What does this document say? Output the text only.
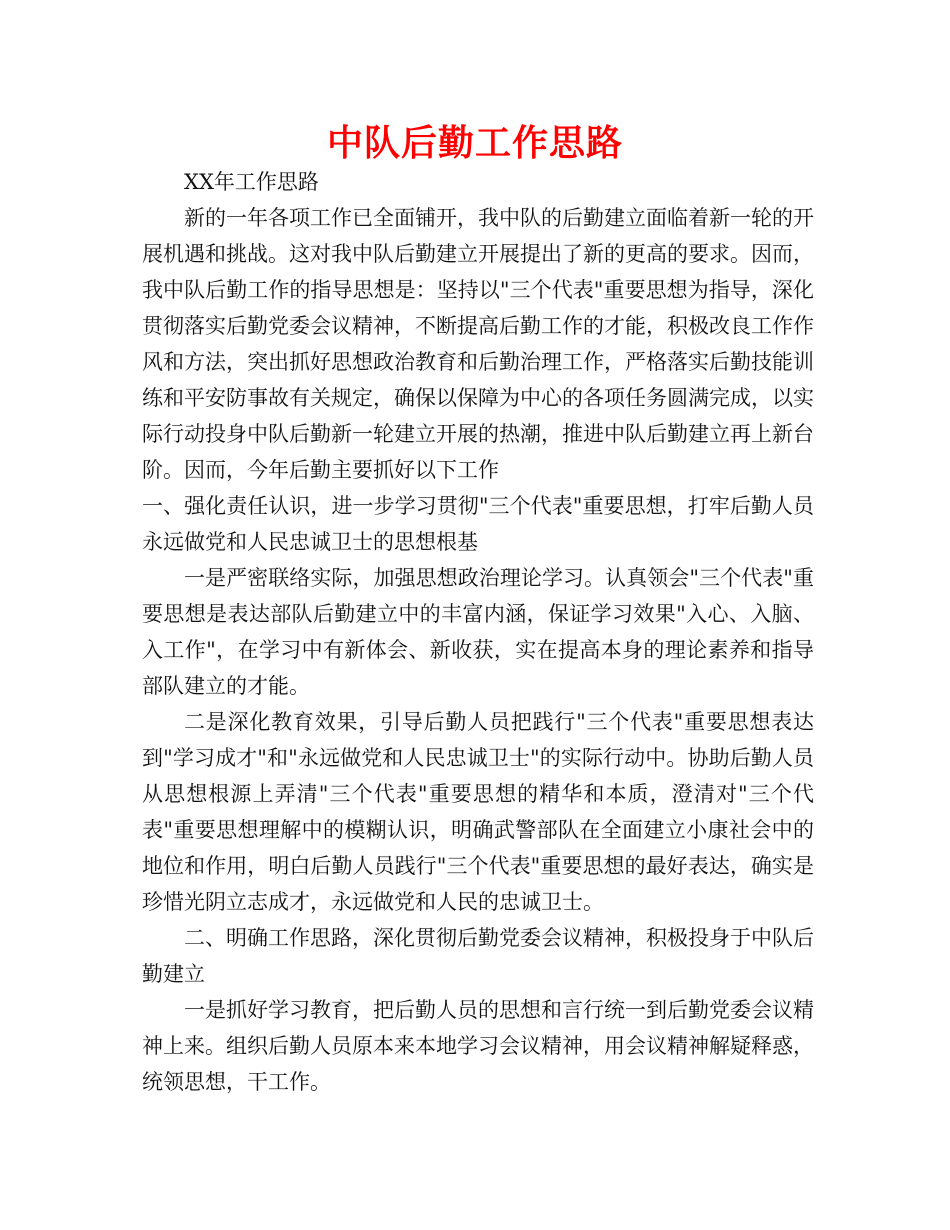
中队后勤工作思路

XX年工作思路

新的一年各项工作已全面铺开，我中队的后勤建立面临着新一轮的开展机遇和挑战。这对我中队后勤建立开展提出了新的更高的要求。因而，我中队后勤工作的指导思想是：坚持以"三个代表"重要思想为指导，深化贯彻落实后勤党委会议精神，不断提高后勤工作的才能，积极改良工作作风和方法，突出抓好思想政治教育和后勤治理工作，严格落实后勤技能训练和平安防事故有关规定，确保以保障为中心的各项任务圆满完成，以实际行动投身中队后勤新一轮建立开展的热潮，推进中队后勤建立再上新台阶。因而，今年后勤主要抓好以下工作

一、强化责任认识，进一步学习贯彻"三个代表"重要思想，打牢后勤人员永远做党和人民忠诚卫士的思想根基

一是严密联络实际，加强思想政治理论学习。认真领会"三个代表"重要思想是表达部队后勤建立中的丰富内涵，保证学习效果"入心、入脑、入工作"，在学习中有新体会、新收获，实在提高本身的理论素养和指导部队建立的才能。

二是深化教育效果，引导后勤人员把践行"三个代表"重要思想表达到"学习成才"和"永远做党和人民忠诚卫士"的实际行动中。协助后勤人员从思想根源上弄清"三个代表"重要思想的精华和本质，澄清对"三个代表"重要思想理解中的模糊认识，明确武警部队在全面建立小康社会中的地位和作用，明白后勤人员践行"三个代表"重要思想的最好表达，确实是珍惜光阴立志成才，永远做党和人民的忠诚卫士。

二、明确工作思路，深化贯彻后勤党委会议精神，积极投身于中队后勤建立

一是抓好学习教育，把后勤人员的思想和言行统一到后勤党委会议精神上来。组织后勤人员原本来本地学习会议精神，用会议精神解疑释惑，统领思想，干工作。
